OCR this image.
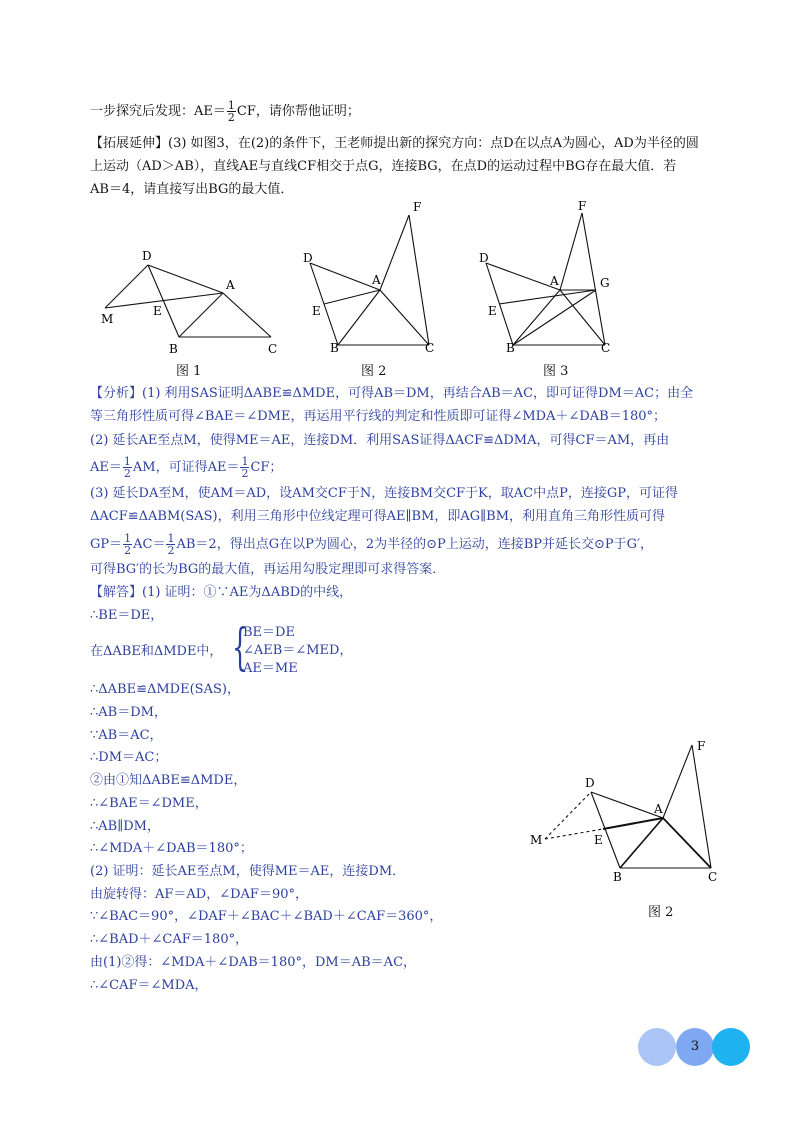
一步探究后发现：$AE= \frac{1}{2}$ CF，请你帮他证明；
【拓展延伸】(3) 如图3，在(2)的条件下，王老师提出新的探究方向：点D在以点A为圆心，AD为半径的圆
上运动（AD＞AB），直线AE与直线CF相交于点G，连接BG，在点D的运动过程中BG存在最大值．若
AB＝4，请直接写出BG的最大值．
D
A
M
E
B	C
图 1
F
D
A
E
B	C
图 2
F
D
A	G
E
B	C
图 3
【分析】(1) 利用SAS证明ΔABE≌ΔMDE，可得AB＝DM，再结合AB＝AC，即可证得DM＝AC；由全
等三角形性质可得∠BAE＝∠DME，再运用平行线的判定和性质即可证得∠MDA＋∠DAB＝180°；
(2) 延长AE至点M，使得ME＝AE，连接DM．利用SAS证得ΔACF≌ΔDMA，可得CF＝AM，再由
$AE= \frac{1}{2}$ AM，可证得$AE= \frac{1}{2}$ CF；
(3) 延长DA至M，使AM＝AD，设AM交CF于N，连接BM交CF于K，取AC中点P，连接GP，可证得
ΔACF≌ΔABM(SAS)，利用三角形中位线定理可得AE∥BM，即AG∥BM，利用直角三角形性质可得
$GP= \frac{1}{2} AC= \frac{1}{2} AB=2$，得出点G在以P为圆心，2为半径的⊙P上运动，连接BP并延长交⊙P于G′，
可得BG′的长为BG的最大值，再运用勾股定理即可求得答案．
【解答】(1) 证明：①∵AE为ΔABD的中线，
∴BE＝DE，
在ΔABE和ΔMDE中， {
BE＝DE
∠AEB＝∠MED，
AE＝ME
∴ΔABE≌ΔMDE(SAS)，
∴AB＝DM，
∵AB＝AC，
∴DM＝AC；
②由①知ΔABE≌ΔMDE，
∴∠BAE＝∠DME，
∴AB∥DM，
∴∠MDA＋∠DAB＝180°；
(2) 证明：延长AE至点M，使得ME＝AE，连接DM．
由旋转得：AF＝AD，∠DAF＝90°，
∵∠BAC＝90°，∠DAF＋∠BAC＋∠BAD＋∠CAF＝360°，
∴∠BAD＋∠CAF＝180°，
由(1)②得：∠MDA＋∠DAB＝180°，DM＝AB＝AC，
∴∠CAF＝∠MDA，
F
D
A
M	E
B	C
图 2
3
